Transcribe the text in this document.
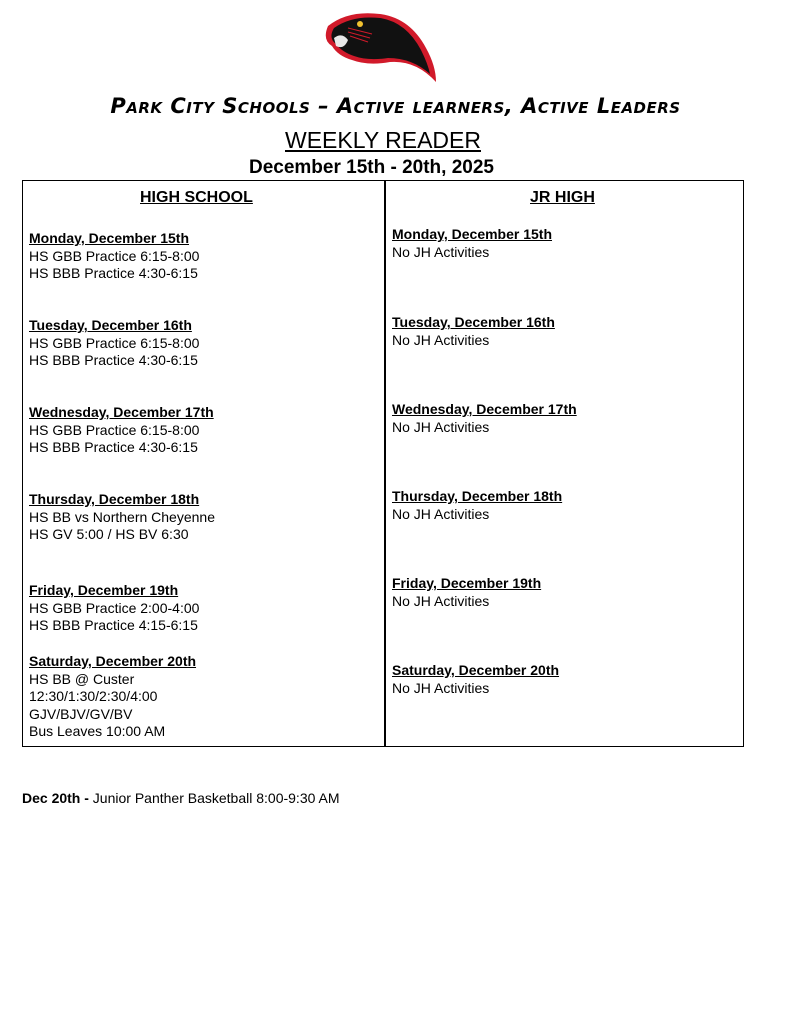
Park City Schools – Active learners, Active Leaders
WEEKLY READER
December 15th - 20th, 2025
HIGH SCHOOL	JR HIGH
Monday, December 15th
HS GBB Practice 6:15-8:00
HS BBB Practice 4:30-6:15
Tuesday, December 16th
HS GBB Practice 6:15-8:00
HS BBB Practice 4:30-6:15
Wednesday, December 17th
HS GBB Practice 6:15-8:00
HS BBB Practice 4:30-6:15
Thursday, December 18th
HS BB vs Northern Cheyenne
HS GV 5:00 / HS BV 6:30
Friday, December 19th
HS GBB Practice 2:00-4:00
HS BBB Practice 4:15-6:15
Saturday, December 20th
HS BB @ Custer
12:30/1:30/2:30/4:00
GJV/BJV/GV/BV
Bus Leaves 10:00 AM
Monday, December 15th
No JH Activities
Tuesday, December 16th
No JH Activities
Wednesday, December 17th
No JH Activities
Thursday, December 18th
No JH Activities
Friday, December 19th
No JH Activities
Saturday, December 20th
No JH Activities
Dec 20th - Junior Panther Basketball 8:00-9:30 AM
